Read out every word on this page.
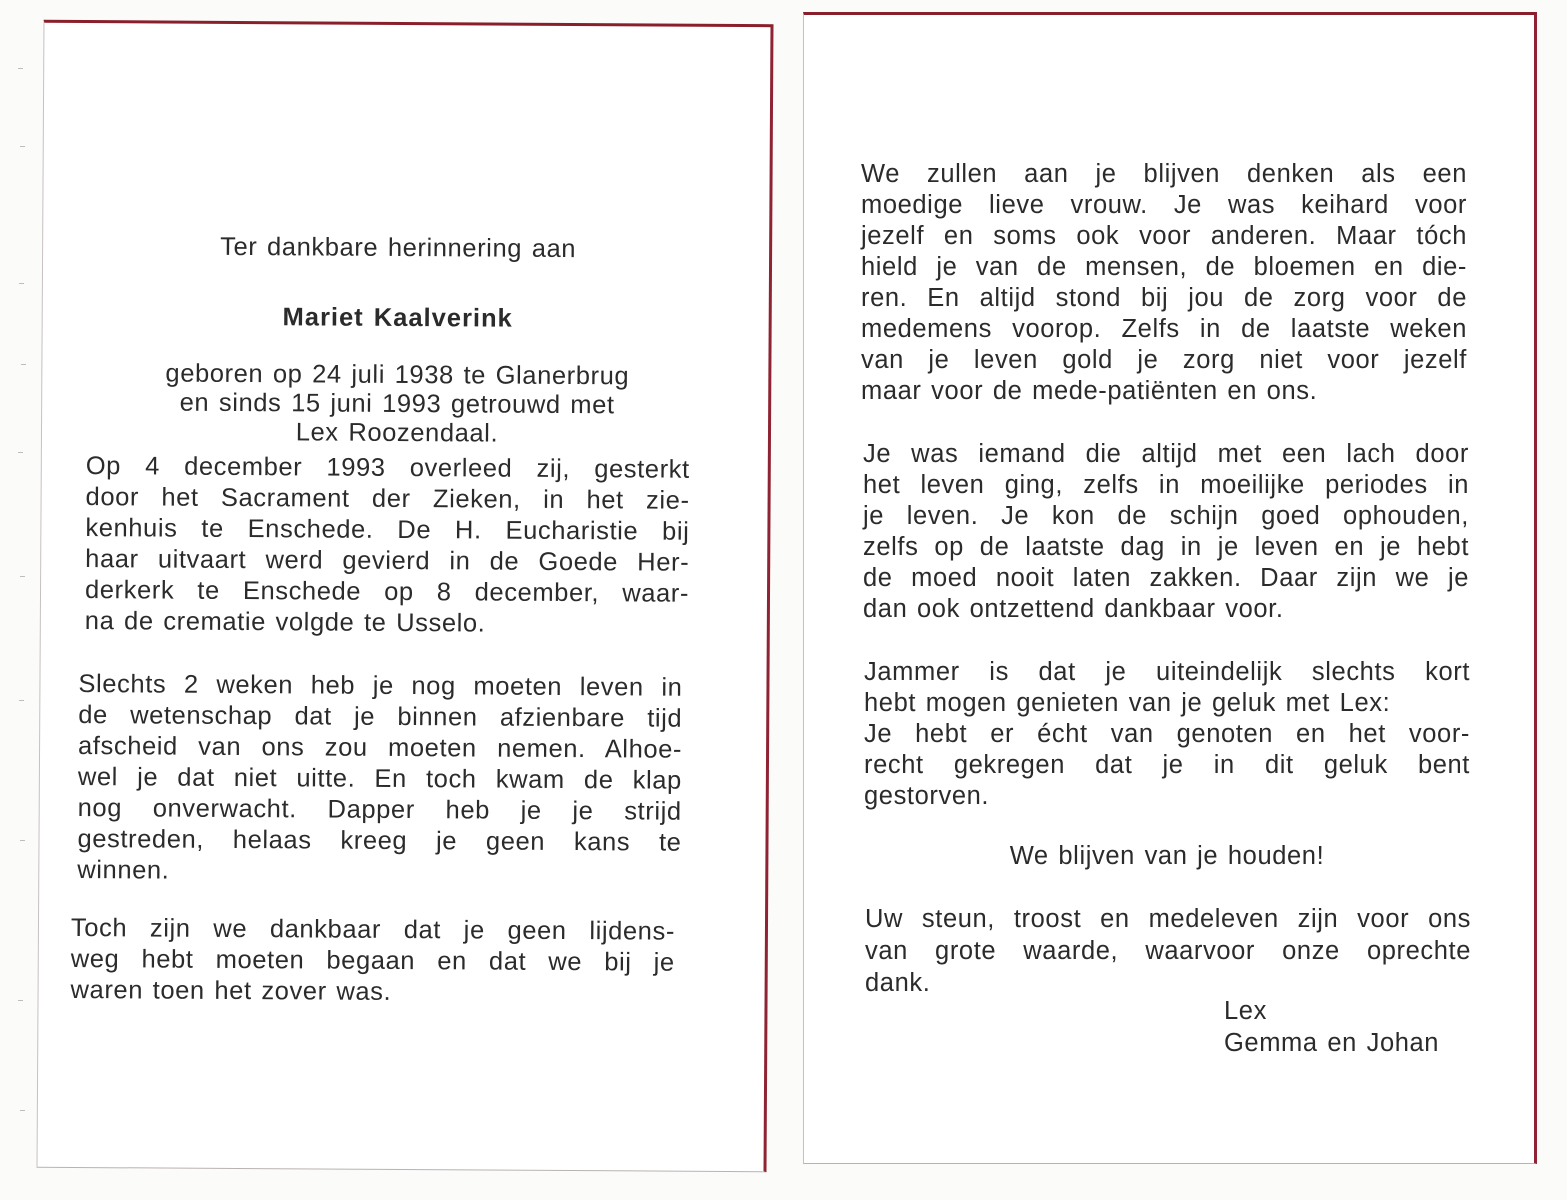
Ter dankbare herinnering aan
Mariet Kaalverink
geboren op 24 juli 1938 te Glanerbrug
en sinds 15 juni 1993 getrouwd met
Lex Roozendaal.
Op 4 december 1993 overleed zij, gesterkt
door het Sacrament der Zieken, in het zie-
kenhuis te Enschede. De H. Eucharistie bij
haar uitvaart werd gevierd in de Goede Her-
derkerk te Enschede op 8 december, waar-
na de crematie volgde te Usselo.
Slechts 2 weken heb je nog moeten leven in
de wetenschap dat je binnen afzienbare tijd
afscheid van ons zou moeten nemen. Alhoe-
wel je dat niet uitte. En toch kwam de klap
nog onverwacht. Dapper heb je je strijd
gestreden, helaas kreeg je geen kans te
winnen.
Toch zijn we dankbaar dat je geen lijdens-
weg hebt moeten begaan en dat we bij je
waren toen het zover was.
We zullen aan je blijven denken als een
moedige lieve vrouw. Je was keihard voor
jezelf en soms ook voor anderen. Maar tóch
hield je van de mensen, de bloemen en die-
ren. En altijd stond bij jou de zorg voor de
medemens voorop. Zelfs in de laatste weken
van je leven gold je zorg niet voor jezelf
maar voor de mede-patiënten en ons.
Je was iemand die altijd met een lach door
het leven ging, zelfs in moeilijke periodes in
je leven. Je kon de schijn goed ophouden,
zelfs op de laatste dag in je leven en je hebt
de moed nooit laten zakken. Daar zijn we je
dan ook ontzettend dankbaar voor.
Jammer is dat je uiteindelijk slechts kort
hebt mogen genieten van je geluk met Lex:
Je hebt er écht van genoten en het voor-
recht gekregen dat je in dit geluk bent
gestorven.
We blijven van je houden!
Uw steun, troost en medeleven zijn voor ons
van grote waarde, waarvoor onze oprechte
dank.
Lex
Gemma en Johan
